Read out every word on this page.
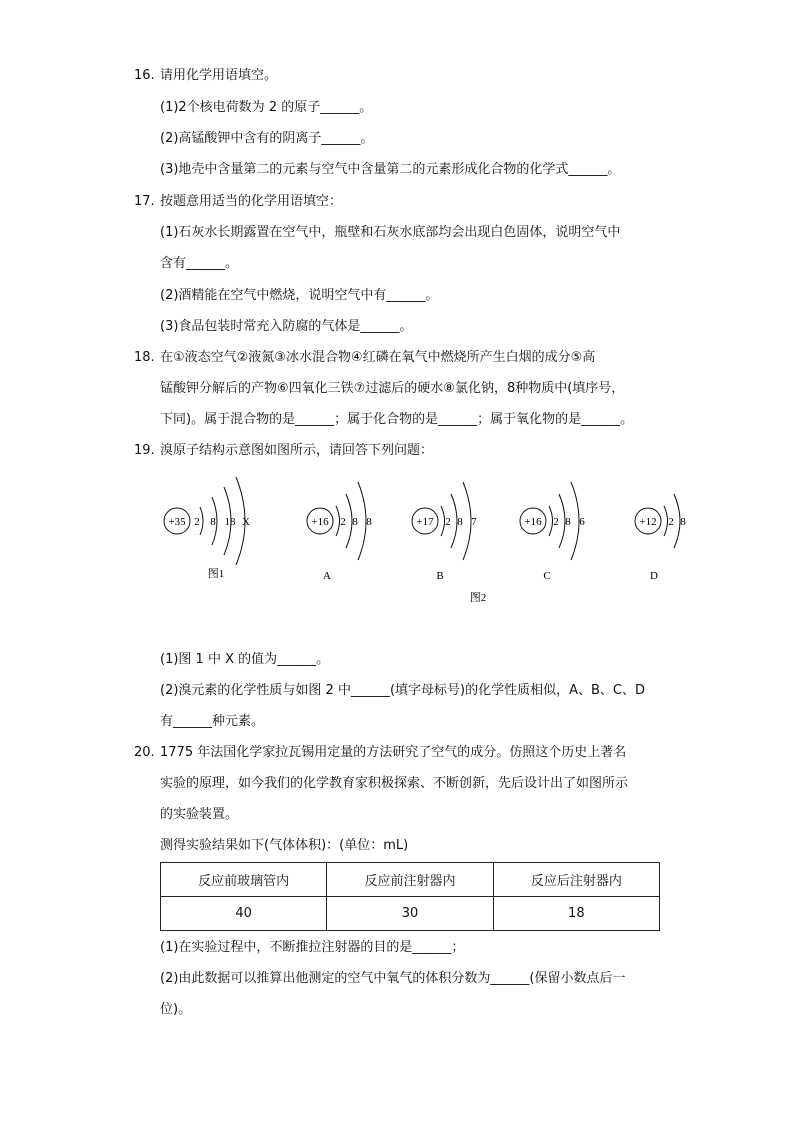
16. 请用化学用语填空。
(1)2个核电荷数为 2 的原子______。
(2)高锰酸钾中含有的阴离子______。
(3)地壳中含量第二的元素与空气中含量第二的元素形成化合物的化学式______。
17. 按题意用适当的化学用语填空：
(1)石灰水长期露置在空气中，瓶壁和石灰水底部均会出现白色固体，说明空气中
含有______。
(2)酒精能在空气中燃烧，说明空气中有______。
(3)食品包装时常充入防腐的气体是______。
18. 在①液态空气②液氮③冰水混合物④红磷在氧气中燃烧所产生白烟的成分⑤高
锰酸钾分解后的产物⑥四氧化三铁⑦过滤后的硬水⑧氯化钠，8种物质中(填序号，
下同)。属于混合物的是______；属于化合物的是______；属于氧化物的是______。
19. 溴原子结构示意图如图所示，请回答下列问题：
+35 2 8 18 X	+16 2 8 8	+17 2 8 7	+16 2 8 6	+12 2 8
图1	A	B	C	D
图2
(1)图 1 中 X 的值为______。
(2)溴元素的化学性质与如图 2 中______(填字母标号)的化学性质相似，A、B、C、D
有______种元素。
20. 1775 年法国化学家拉瓦锡用定量的方法研究了空气的成分。仿照这个历史上著名
实验的原理，如今我们的化学教育家积极探索、不断创新，先后设计出了如图所示
的实验装置。
测得实验结果如下(气体体积)：(单位：mL)
反应前玻璃管内	反应前注射器内	反应后注射器内
40	30	18
(1)在实验过程中，不断推拉注射器的目的是______；
(2)由此数据可以推算出他测定的空气中氧气的体积分数为______(保留小数点后一
位)。
